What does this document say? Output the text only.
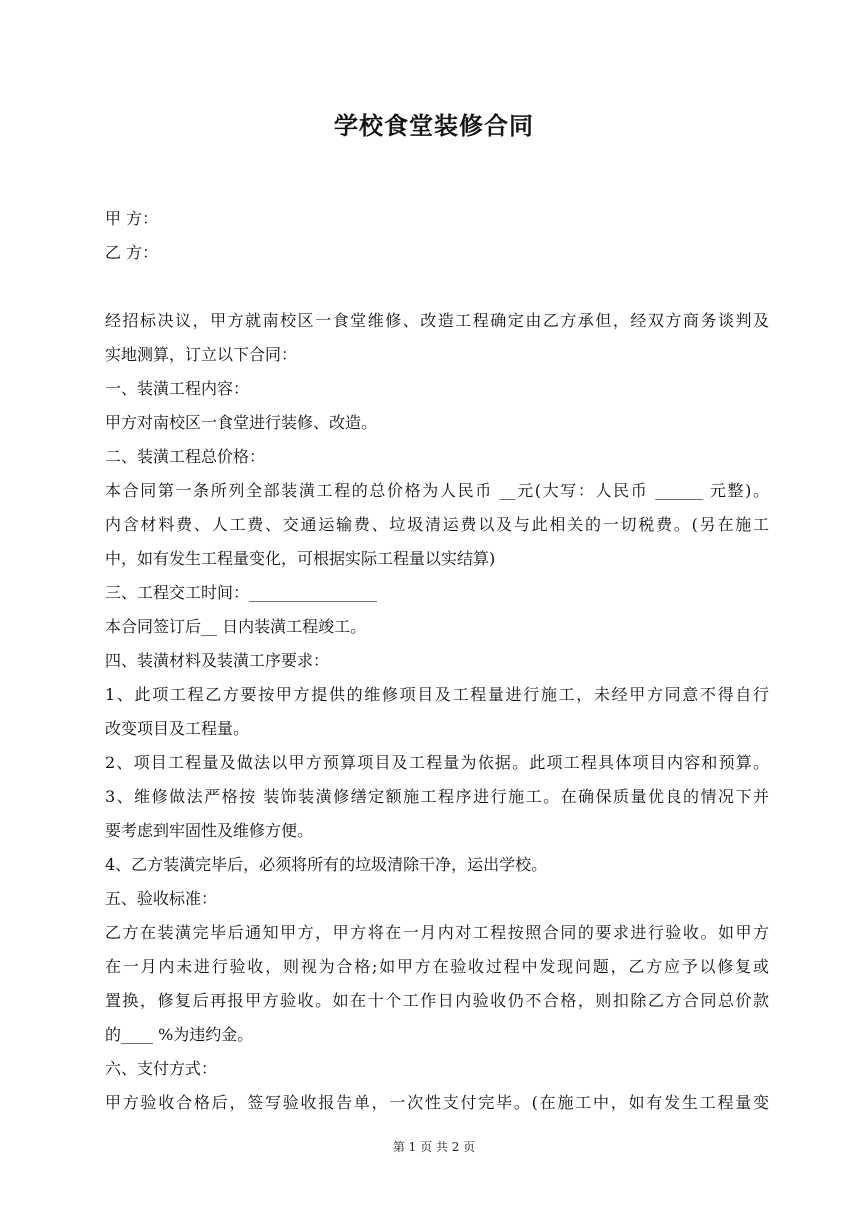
学校食堂装修合同
甲 方：
乙 方：
经招标决议，甲方就南校区一食堂维修、改造工程确定由乙方承但，经双方商务谈判及
实地测算，订立以下合同：
一、装潢工程内容：
甲方对南校区一食堂进行装修、改造。
二、装潢工程总价格：
本合同第一条所列全部装潢工程的总价格为人民币 __元(大写：人民币 ______ 元整)。
内含材料费、人工费、交通运输费、垃圾清运费以及与此相关的一切税费。(另在施工
中，如有发生工程量变化，可根据实际工程量以实结算)
三、工程交工时间：________________
本合同签订后__ 日内装潢工程竣工。
四、装潢材料及装潢工序要求：
1、此项工程乙方要按甲方提供的维修项目及工程量进行施工，未经甲方同意不得自行
改变项目及工程量。
2、项目工程量及做法以甲方预算项目及工程量为依据。此项工程具体项目内容和预算。
3、维修做法严格按 装饰装潢修缮定额施工程序进行施工。在确保质量优良的情况下并
要考虑到牢固性及维修方便。
4、乙方装潢完毕后，必须将所有的垃圾清除干净，运出学校。
五、验收标准：
乙方在装潢完毕后通知甲方，甲方将在一月内对工程按照合同的要求进行验收。如甲方
在一月内未进行验收，则视为合格;如甲方在验收过程中发现问题，乙方应予以修复或
置换，修复后再报甲方验收。如在十个工作日内验收仍不合格，则扣除乙方合同总价款
的____ %为违约金。
六、支付方式：
甲方验收合格后，签写验收报告单，一次性支付完毕。(在施工中，如有发生工程量变
第 1 页 共 2 页
